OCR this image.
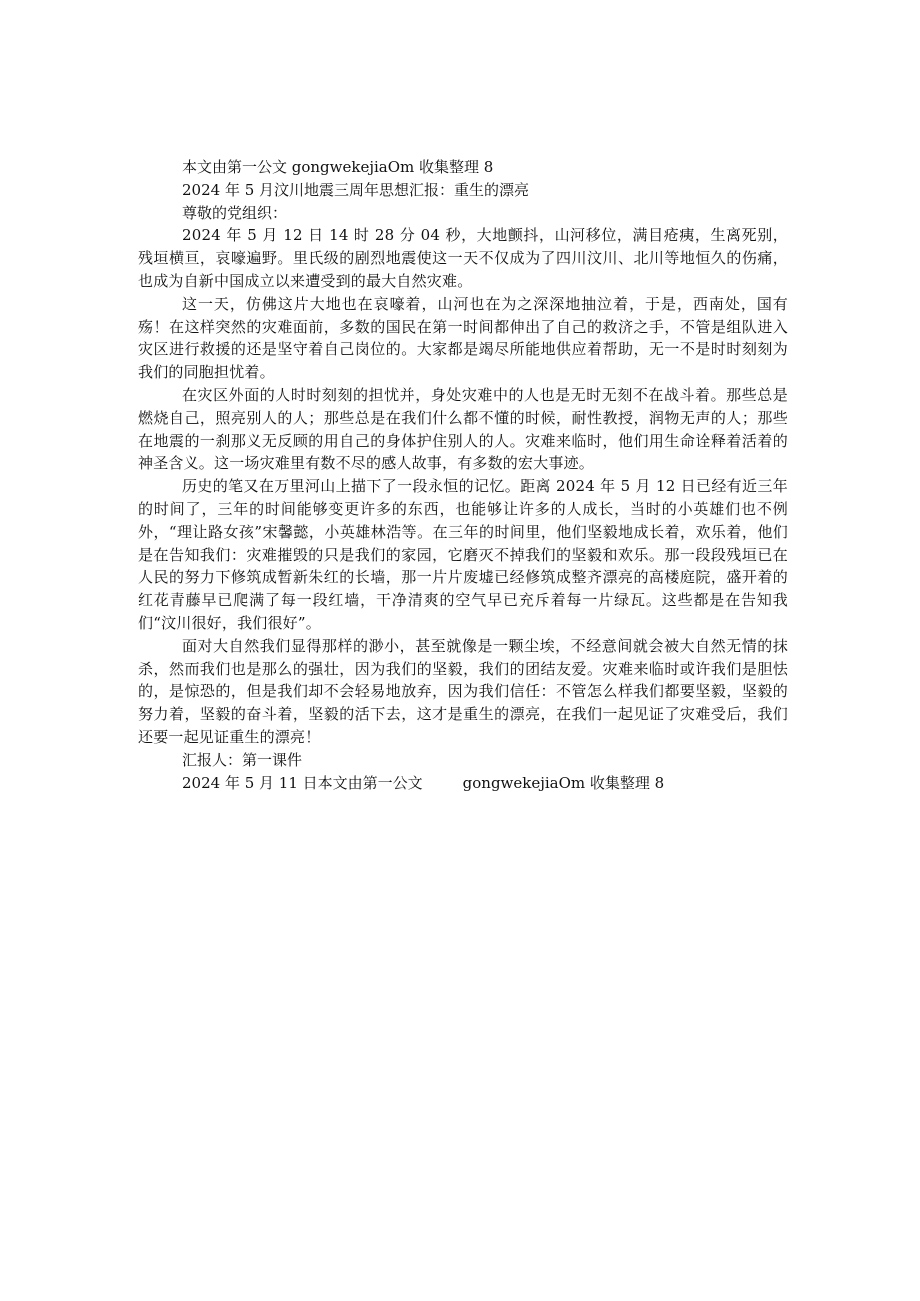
本文由第一公文 gongwekejiaOm 收集整理 8

2024 年 5 月汶川地震三周年思想汇报：重生的漂亮

尊敬的党组织：

2024 年 5 月 12 日 14 时 28 分 04 秒，大地颤抖，山河移位，满目疮痍，生离死别，残垣横亘，哀嚎遍野。里氏级的剧烈地震使这一天不仅成为了四川汶川、北川等地恒久的伤痛，也成为自新中国成立以来遭受到的最大自然灾难。

这一天，仿佛这片大地也在哀嚎着，山河也在为之深深地抽泣着，于是，西南处，国有殇！在这样突然的灾难面前，多数的国民在第一时间都伸出了自己的救济之手，不管是组队进入灾区进行救援的还是坚守着自己岗位的。大家都是竭尽所能地供应着帮助，无一不是时时刻刻为我们的同胞担忧着。

在灾区外面的人时时刻刻的担忧并，身处灾难中的人也是无时无刻不在战斗着。那些总是燃烧自己，照亮别人的人；那些总是在我们什么都不懂的时候，耐性教授，润物无声的人；那些在地震的一刹那义无反顾的用自己的身体护住别人的人。灾难来临时，他们用生命诠释着活着的神圣含义。这一场灾难里有数不尽的感人故事，有多数的宏大事迹。

历史的笔又在万里河山上描下了一段永恒的记忆。距离 2024 年 5 月 12 日已经有近三年的时间了，三年的时间能够变更许多的东西，也能够让许多的人成长，当时的小英雄们也不例外，“理让路女孩”宋馨懿，小英雄林浩等。在三年的时间里，他们坚毅地成长着，欢乐着，他们是在告知我们：灾难摧毁的只是我们的家园，它磨灭不掉我们的坚毅和欢乐。那一段段残垣已在人民的努力下修筑成暂新朱红的长墙，那一片片废墟已经修筑成整齐漂亮的高楼庭院，盛开着的红花青藤早已爬满了每一段红墙，干净清爽的空气早已充斥着每一片绿瓦。这些都是在告知我们“汶川很好，我们很好”。

面对大自然我们显得那样的渺小，甚至就像是一颗尘埃，不经意间就会被大自然无情的抹杀，然而我们也是那么的强壮，因为我们的坚毅，我们的团结友爱。灾难来临时或许我们是胆怯的，是惊恐的，但是我们却不会轻易地放弃，因为我们信任：不管怎么样我们都要坚毅，坚毅的努力着，坚毅的奋斗着，坚毅的活下去，这才是重生的漂亮，在我们一起见证了灾难受后，我们还要一起见证重生的漂亮！

汇报人：第一课件

2024 年 5 月 11 日本文由第一公文	gongwekejiaOm 收集整理 8
